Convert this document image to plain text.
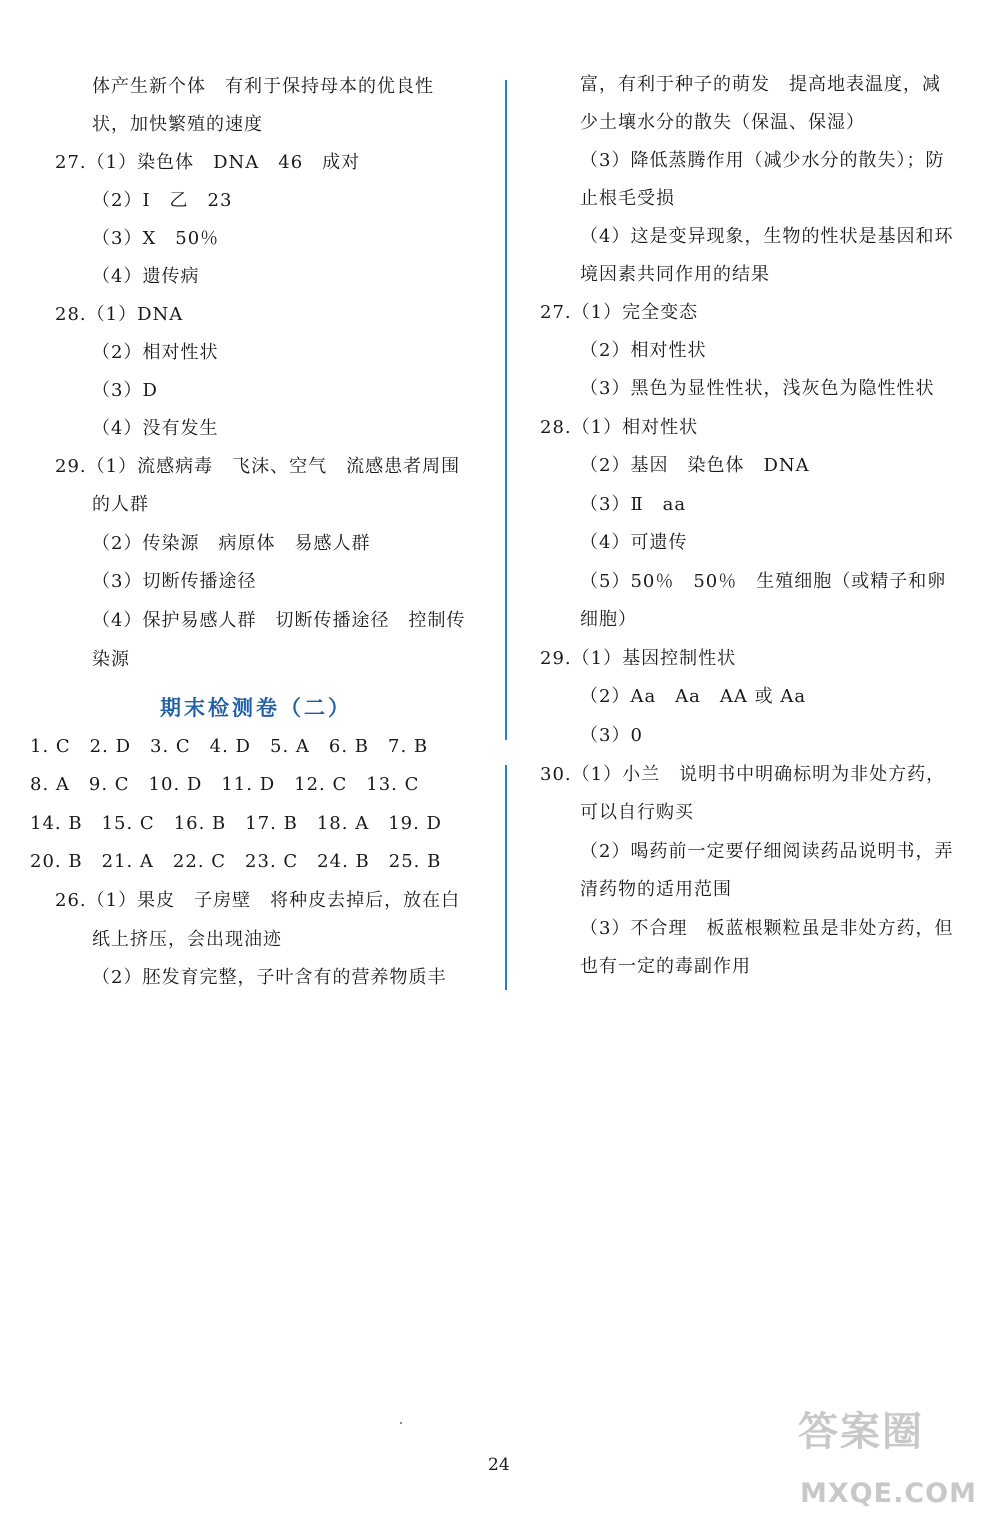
体产生新个体　有利于保持母本的优良性
状，加快繁殖的速度
27.（1）染色体　DNA　46　成对
（2）Ⅰ　乙　23
（3）X　50％
（4）遗传病
28.（1）DNA
（2）相对性状
（3）D
（4）没有发生
29.（1）流感病毒　飞沫、空气　流感患者周围
的人群
（2）传染源　病原体　易感人群
（3）切断传播途径
（4）保护易感人群　切断传播途径　控制传
染源
期末检测卷（二）
1. C　2. D　3. C　4. D　5. A　6. B　7. B
8. A　9. C　10. D　11. D　12. C　13. C
14. B　15. C　16. B　17. B　18. A　19. D
20. B　21. A　22. C　23. C　24. B　25. B
26.（1）果皮　子房壁　将种皮去掉后，放在白
纸上挤压，会出现油迹
（2）胚发育完整，子叶含有的营养物质丰
富，有利于种子的萌发　提高地表温度，减
少土壤水分的散失（保温、保湿）
（3）降低蒸腾作用（减少水分的散失）；防
止根毛受损
（4）这是变异现象，生物的性状是基因和环
境因素共同作用的结果
27.（1）完全变态
（2）相对性状
（3）黑色为显性性状，浅灰色为隐性性状
28.（1）相对性状
（2）基因　染色体　DNA
（3）Ⅱ　aa
（4）可遗传
（5）50％　50％　生殖细胞（或精子和卵
细胞）
29.（1）基因控制性状
（2）Aa　Aa　AA 或 Aa
（3）0
30.（1）小兰　说明书中明确标明为非处方药，
可以自行购买
（2）喝药前一定要仔细阅读药品说明书，弄
清药物的适用范围
（3）不合理　板蓝根颗粒虽是非处方药，但
也有一定的毒副作用
24
答案圈
MXQE.COM
